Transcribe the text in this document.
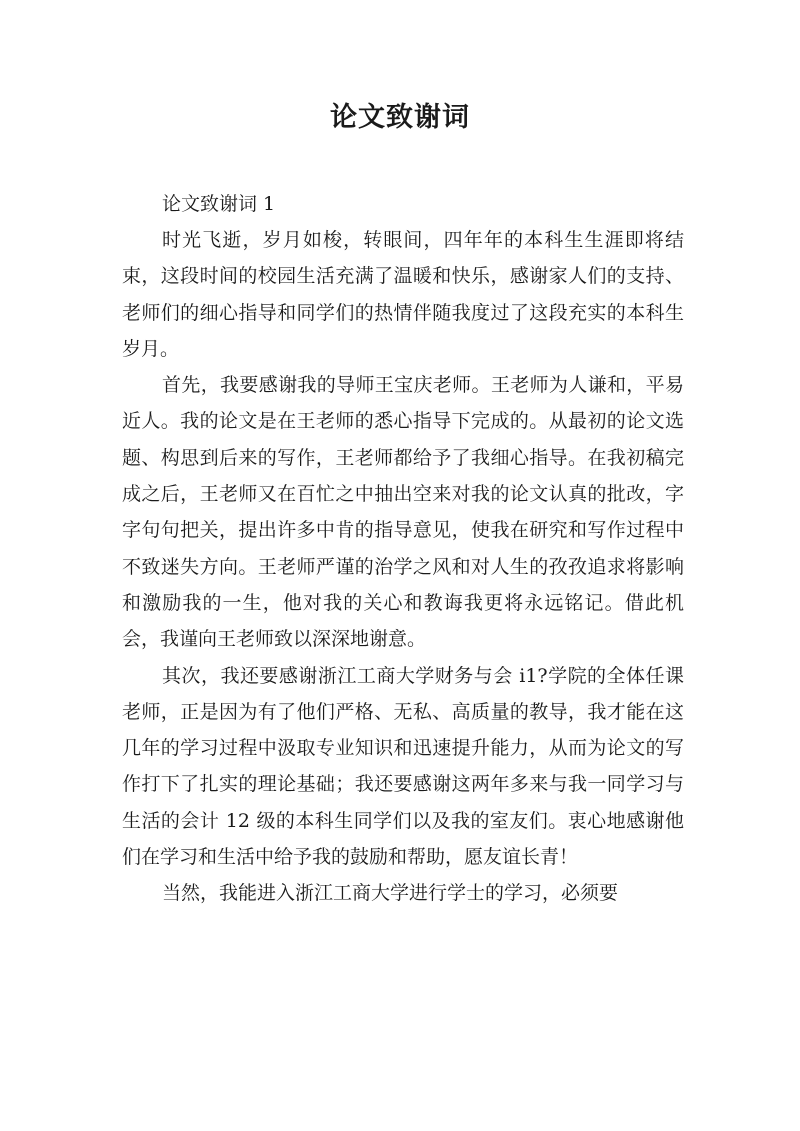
论文致谢词

论文致谢词 1

时光飞逝，岁月如梭，转眼间，四年年的本科生生涯即将结束，这段时间的校园生活充满了温暖和快乐，感谢家人们的支持、老师们的细心指导和同学们的热情伴随我度过了这段充实的本科生岁月。

首先，我要感谢我的导师王宝庆老师。王老师为人谦和，平易近人。我的论文是在王老师的悉心指导下完成的。从最初的论文选题、构思到后来的写作，王老师都给予了我细心指导。在我初稿完成之后，王老师又在百忙之中抽出空来对我的论文认真的批改，字字句句把关，提出许多中肯的指导意见，使我在研究和写作过程中不致迷失方向。王老师严谨的治学之风和对人生的孜孜追求将影响和激励我的一生，他对我的关心和教诲我更将永远铭记。借此机会，我谨向王老师致以深深地谢意。

其次，我还要感谢浙江工商大学财务与会 i1?学院的全体任课老师，正是因为有了他们严格、无私、高质量的教导，我才能在这几年的学习过程中汲取专业知识和迅速提升能力，从而为论文的写作打下了扎实的理论基础；我还要感谢这两年多来与我一同学习与生活的会计 12 级的本科生同学们以及我的室友们。衷心地感谢他们在学习和生活中给予我的鼓励和帮助，愿友谊长青！

当然，我能进入浙江工商大学进行学士的学习，必须要
